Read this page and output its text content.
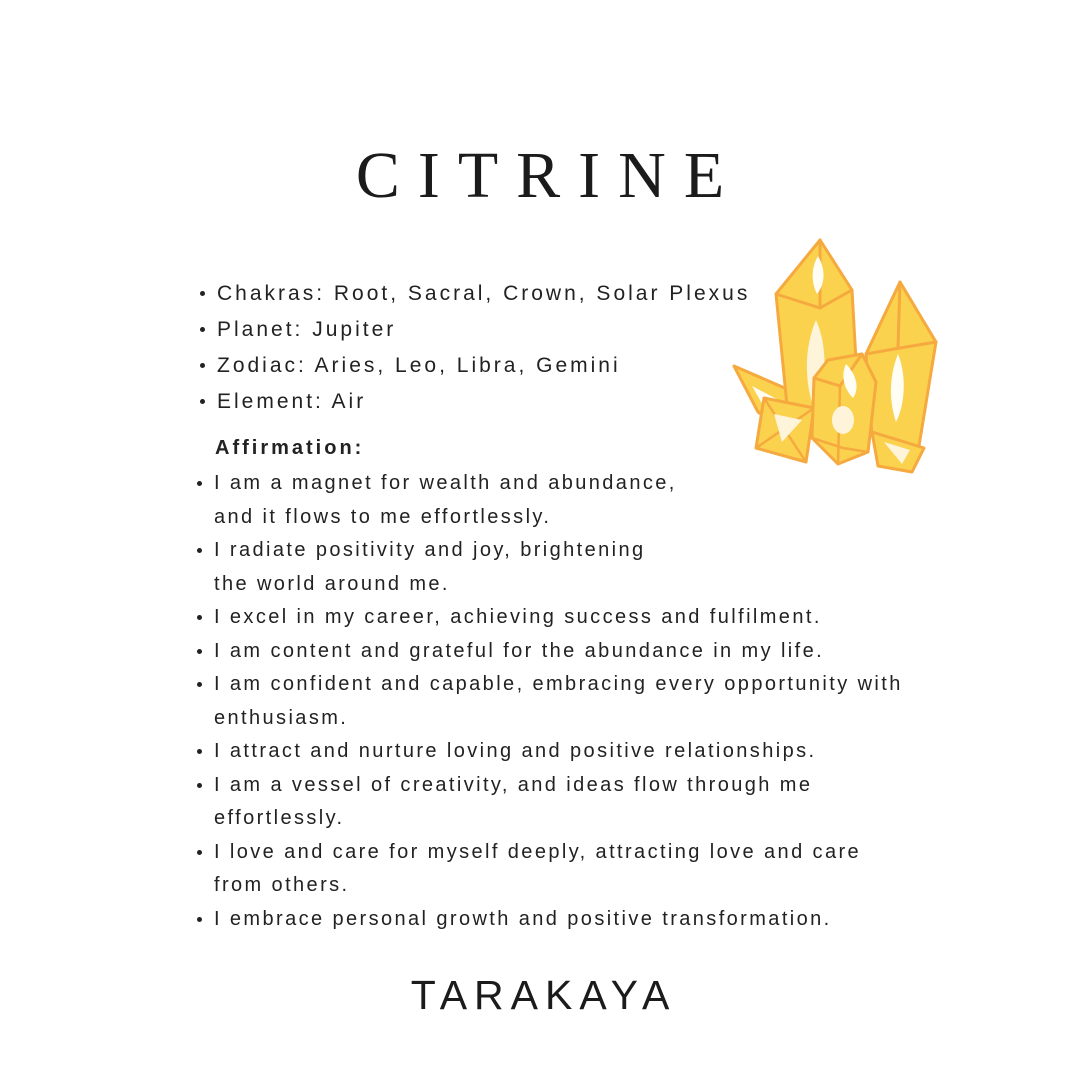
CITRINE
Chakras: Root, Sacral, Crown, Solar Plexus
Planet: Jupiter
Zodiac: Aries, Leo, Libra, Gemini
Element: Air
Affirmation:
I am a magnet for wealth and abundance,
and it flows to me effortlessly.
I radiate positivity and joy, brightening
the world around me.
I excel in my career, achieving success and fulfilment.
I am content and grateful for the abundance in my life.
I am confident and capable, embracing every opportunity with
enthusiasm.
I attract and nurture loving and positive relationships.
I am a vessel of creativity, and ideas flow through me
effortlessly.
I love and care for myself deeply, attracting love and care
from others.
I embrace personal growth and positive transformation.
TARAKAYA
